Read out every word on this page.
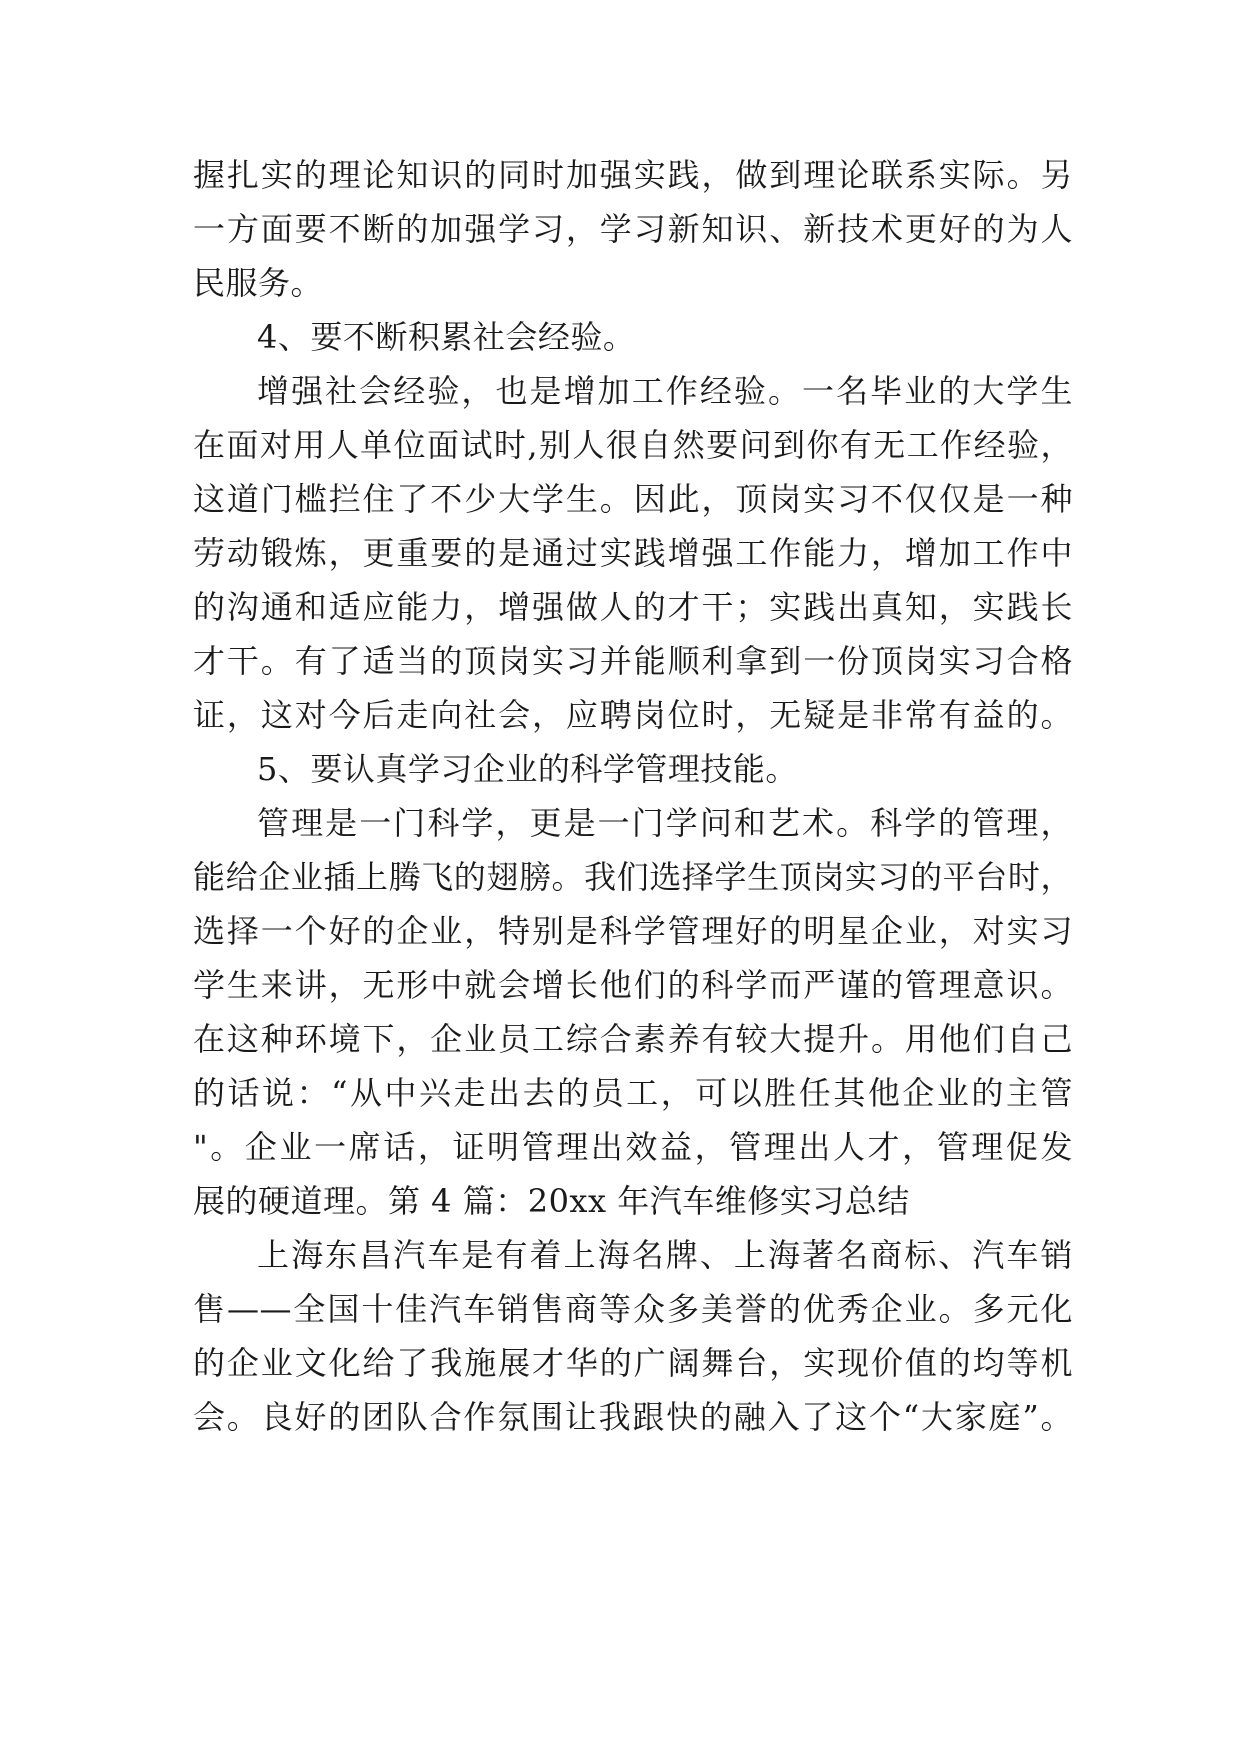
握扎实的理论知识的同时加强实践，做到理论联系实际。另
一方面要不断的加强学习，学习新知识、新技术更好的为人
民服务。
4、要不断积累社会经验。
增强社会经验，也是增加工作经验。一名毕业的大学生
在面对用人单位面试时,别人很自然要问到你有无工作经验，
这道门槛拦住了不少大学生。因此，顶岗实习不仅仅是一种
劳动锻炼，更重要的是通过实践增强工作能力，增加工作中
的沟通和适应能力，增强做人的才干；实践出真知，实践长
才干。有了适当的顶岗实习并能顺利拿到一份顶岗实习合格
证，这对今后走向社会，应聘岗位时，无疑是非常有益的。
5、要认真学习企业的科学管理技能。
管理是一门科学，更是一门学问和艺术。科学的管理，
能给企业插上腾飞的翅膀。我们选择学生顶岗实习的平台时，
选择一个好的企业，特别是科学管理好的明星企业，对实习
学生来讲，无形中就会增长他们的科学而严谨的管理意识。
在这种环境下，企业员工综合素养有较大提升。用他们自己
的话说：“从中兴走出去的员工，可以胜任其他企业的主管
"。企业一席话，证明管理出效益，管理出人才，管理促发
展的硬道理。第 4 篇：20xx 年汽车维修实习总结
上海东昌汽车是有着上海名牌、上海著名商标、汽车销
售——全国十佳汽车销售商等众多美誉的优秀企业。多元化
的企业文化给了我施展才华的广阔舞台，实现价值的均等机
会。良好的团队合作氛围让我跟快的融入了这个“大家庭”。
